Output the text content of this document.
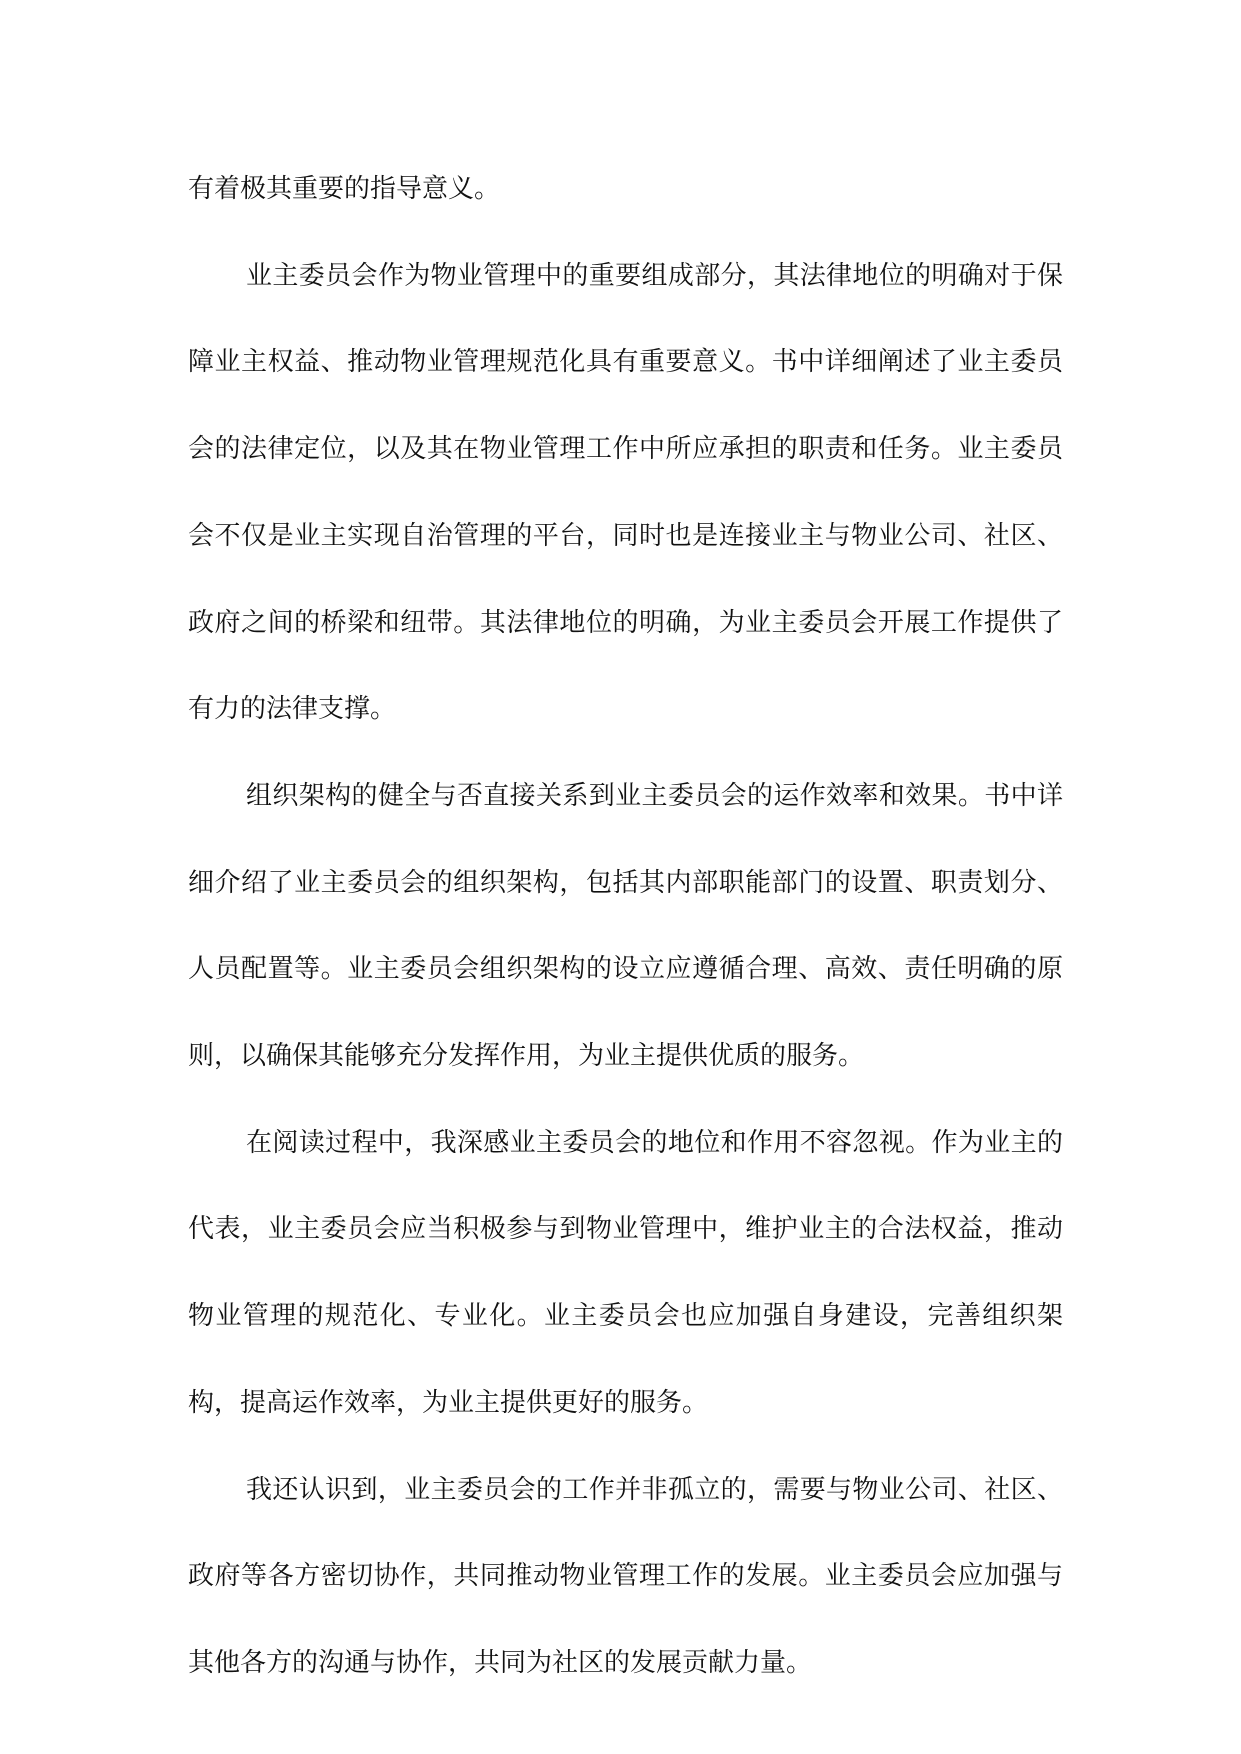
有着极其重要的指导意义。

业主委员会作为物业管理中的重要组成部分，其法律地位的明确对于保障业主权益、推动物业管理规范化具有重要意义。书中详细阐述了业主委员会的法律定位，以及其在物业管理工作中所应承担的职责和任务。业主委员会不仅是业主实现自治管理的平台，同时也是连接业主与物业公司、社区、政府之间的桥梁和纽带。其法律地位的明确，为业主委员会开展工作提供了有力的法律支撑。

组织架构的健全与否直接关系到业主委员会的运作效率和效果。书中详细介绍了业主委员会的组织架构，包括其内部职能部门的设置、职责划分、人员配置等。业主委员会组织架构的设立应遵循合理、高效、责任明确的原则，以确保其能够充分发挥作用，为业主提供优质的服务。

在阅读过程中，我深感业主委员会的地位和作用不容忽视。作为业主的代表，业主委员会应当积极参与到物业管理中，维护业主的合法权益，推动物业管理的规范化、专业化。业主委员会也应加强自身建设，完善组织架构，提高运作效率，为业主提供更好的服务。

我还认识到，业主委员会的工作并非孤立的，需要与物业公司、社区、政府等各方密切协作，共同推动物业管理工作的发展。业主委员会应加强与其他各方的沟通与协作，共同为社区的发展贡献力量。
